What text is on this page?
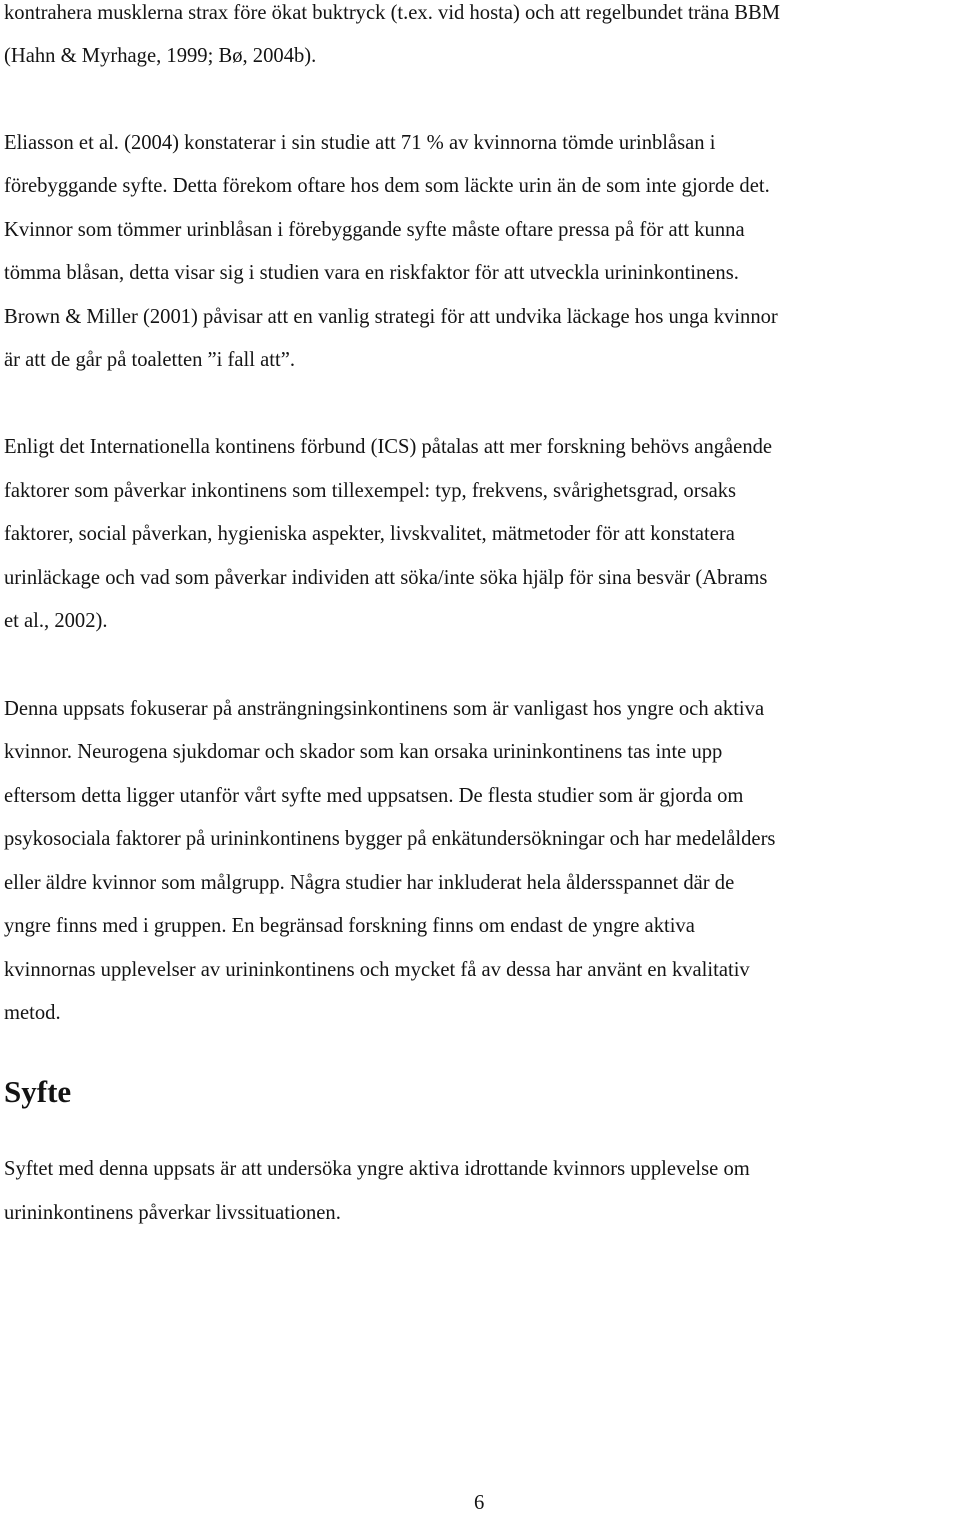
kontrahera musklerna strax före ökat buktryck (t.ex. vid hosta) och att regelbundet träna BBM
(Hahn & Myrhage, 1999; Bø, 2004b).
Eliasson et al. (2004) konstaterar i sin studie att 71 % av kvinnorna tömde urinblåsan i
förebyggande syfte. Detta förekom oftare hos dem som läckte urin än de som inte gjorde det.
Kvinnor som tömmer urinblåsan i förebyggande syfte måste oftare pressa på för att kunna
tömma blåsan, detta visar sig i studien vara en riskfaktor för att utveckla urininkontinens.
Brown & Miller (2001) påvisar att en vanlig strategi för att undvika läckage hos unga kvinnor
är att de går på toaletten ”i fall att”.
Enligt det Internationella kontinens förbund (ICS) påtalas att mer forskning behövs angående
faktorer som påverkar inkontinens som tillexempel: typ, frekvens, svårighetsgrad, orsaks
faktorer, social påverkan, hygieniska aspekter, livskvalitet, mätmetoder för att konstatera
urinläckage och vad som påverkar individen att söka/inte söka hjälp för sina besvär (Abrams
et al., 2002).
Denna uppsats fokuserar på ansträngningsinkontinens som är vanligast hos yngre och aktiva
kvinnor. Neurogena sjukdomar och skador som kan orsaka urininkontinens tas inte upp
eftersom detta ligger utanför vårt syfte med uppsatsen. De flesta studier som är gjorda om
psykosociala faktorer på urininkontinens bygger på enkätundersökningar och har medelålders
eller äldre kvinnor som målgrupp. Några studier har inkluderat hela åldersspannet där de
yngre finns med i gruppen. En begränsad forskning finns om endast de yngre aktiva
kvinnornas upplevelser av urininkontinens och mycket få av dessa har använt en kvalitativ
metod.
Syfte
Syftet med denna uppsats är att undersöka yngre aktiva idrottande kvinnors upplevelse om
urininkontinens påverkar livssituationen.
6
